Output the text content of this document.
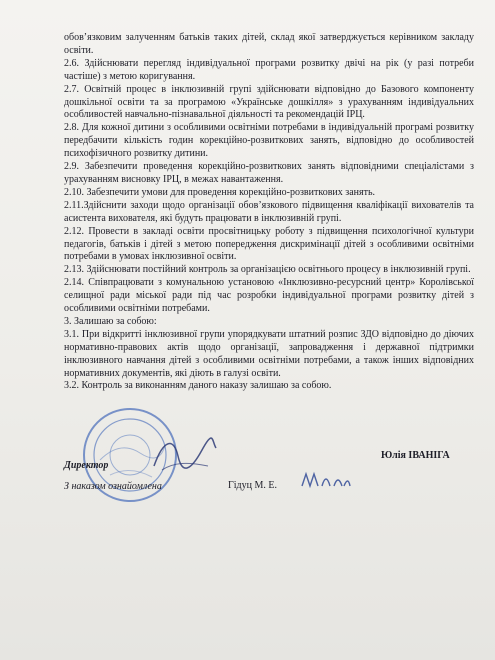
обов’язковим залученням батьків таких дітей, склад якої затверджується керівником закладу освіти.

2.6. Здійснювати перегляд індивідуальної програми розвитку двічі на рік (у разі потреби частіше) з метою коригування.

2.7. Освітній процес в інклюзивній групі здійснювати відповідно до Базового компоненту дошкільної освіти та за програмою «Українське дошкілля» з урахуванням індивідуальних особливостей навчально-пізнавальної діяльності та рекомендацій ІРЦ.

2.8. Для кожної дитини з особливими освітніми потребами в індивідуальній програмі розвитку передбачити кількість годин корекційно-розвиткових занять, відповідно до особливостей психофізичного розвитку дитини.

2.9. Забезпечити проведення корекційно-розвиткових занять відповідними спеціалістами з урахуванням висновку ІРЦ, в межах навантаження.

2.10. Забезпечити умови для проведення корекційно-розвиткових занять.

2.11.Здійснити заходи щодо організації обов’язкового підвищення кваліфікації вихователів та асистента вихователя, які будуть працювати в інклюзивній групі.

2.12. Провести в закладі освіти просвітницьку роботу з підвищення психологічної культури педагогів, батьків і дітей з метою попередження дискримінації дітей з особливими освітніми потребами в умовах інклюзивної освіти.

2.13. Здійснювати постійний контроль за організацією освітнього процесу в інклюзивній групі.

2.14. Співпрацювати з комунальною установою «Інклюзивно-ресурсний центр» Королівської селищної ради міської ради під час розробки індивідуальної програми розвитку дітей з особливими освітніми потребами.

3. Залишаю за собою:

3.1. При відкритті інклюзивної групи упорядкувати штатний розпис ЗДО відповідно до діючих нормативно-правових актів щодо організації, запровадження і державної підтримки інклюзивного навчання дітей з особливими освітніми потребами, а також інших відповідних нормативних документів, які діють в галузі освіти.

3.2. Контроль за виконанням даного наказу залишаю за собою.

Директор
Юлія ІВАНІГА
З наказом ознайомлена	Гідуц М. Е.
